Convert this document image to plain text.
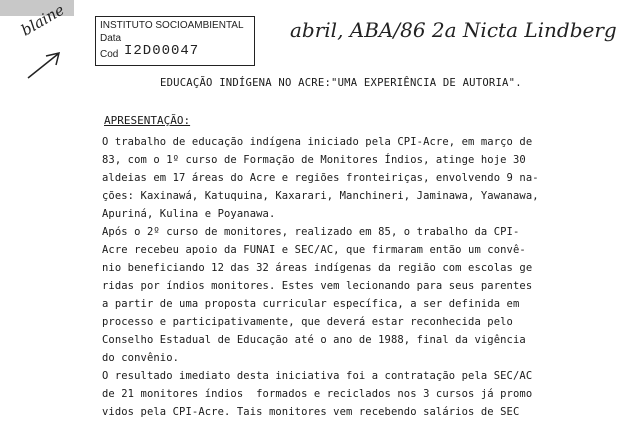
INSTITUTO SOCIOAMBIENTAL
Data
Cod I2D00047
blaine	abril, ABA/86 2a Nicta Lindberg
EDUCAÇÃO INDÍGENA NO ACRE:"UMA EXPERIÊNCIA DE AUTORIA".
APRESENTAÇÃO:
O trabalho de educação indígena iniciado pela CPI-Acre, em março de
83, com o 1º curso de Formação de Monitores Índios, atinge hoje 30
aldeias em 17 áreas do Acre e regiões fronteiriças, envolvendo 9 na-
ções: Kaxinawá, Katuquina, Kaxarari, Manchineri, Jaminawa, Yawanawa,
Apuriná, Kulina e Poyanawa.
Após o 2º curso de monitores, realizado em 85, o trabalho da CPI-
Acre recebeu apoio da FUNAI e SEC/AC, que firmaram então um convê-
nio beneficiando 12 das 32 áreas indígenas da região com escolas ge
ridas por índios monitores. Estes vem lecionando para seus parentes
a partir de uma proposta curricular específica, a ser definida em
processo e participativamente, que deverá estar reconhecida pelo
Conselho Estadual de Educação até o ano de 1988, final da vigência
do convênio.
O resultado imediato desta iniciativa foi a contratação pela SEC/AC
de 21 monitores índios  formados e reciclados nos 3 cursos já promo
vidos pela CPI-Acre. Tais monitores vem recebendo salários de SEC
